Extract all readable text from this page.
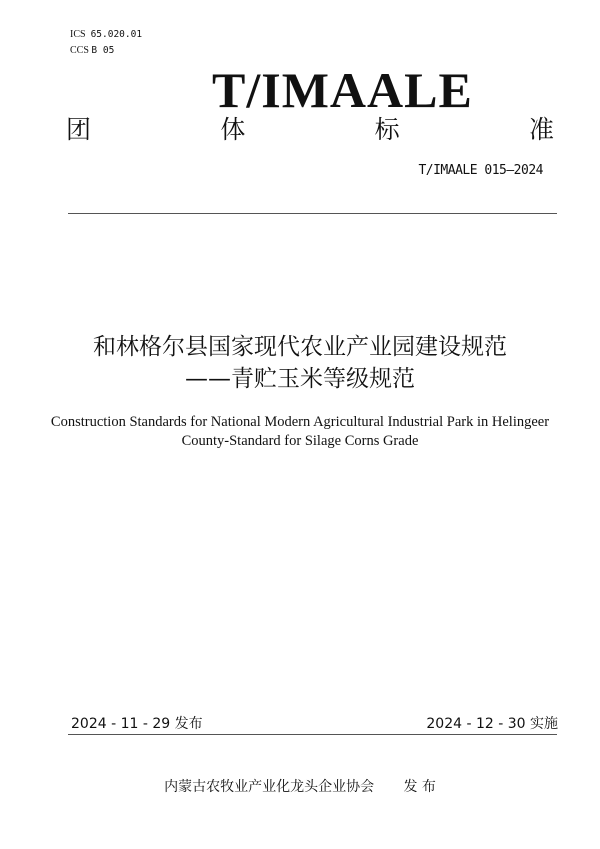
ICS 65.020.01
CCS B 05
T/IMAALE
团	体	标	准
T/IMAALE 015—2024
和林格尔县国家现代农业产业园建设规范
——青贮玉米等级规范
Construction Standards for National Modern Agricultural Industrial Park in Helingeer
County-Standard for Silage Corns Grade
2024 - 11 - 29 发布	2024 - 12 - 30 实施
内蒙古农牧业产业化龙头企业协会 发 布
